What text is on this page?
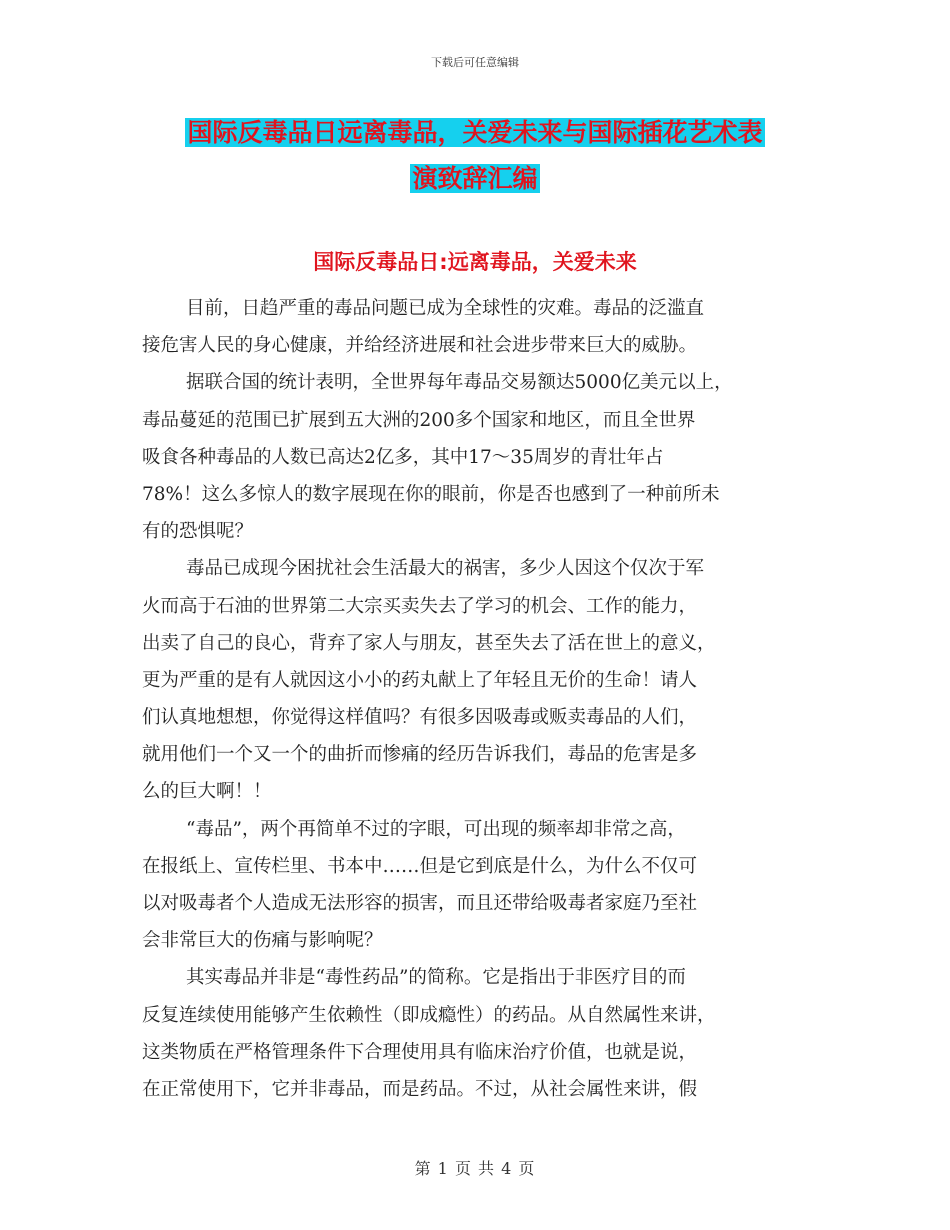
下载后可任意编辑
国际反毒品日远离毒品，关爱未来与国际插花艺术表
演致辞汇编
国际反毒品日:远离毒品，关爱未来
目前，日趋严重的毒品问题已成为全球性的灾难。毒品的泛滥直
接危害人民的身心健康，并给经济进展和社会进步带来巨大的威胁。
据联合国的统计表明，全世界每年毒品交易额达5000亿美元以上，
毒品蔓延的范围已扩展到五大洲的200多个国家和地区，而且全世界
吸食各种毒品的人数已高达2亿多，其中17～35周岁的青壮年占
78%！这么多惊人的数字展现在你的眼前，你是否也感到了一种前所未
有的恐惧呢？
毒品已成现今困扰社会生活最大的祸害，多少人因这个仅次于军
火而高于石油的世界第二大宗买卖失去了学习的机会、工作的能力，
出卖了自己的良心，背弃了家人与朋友，甚至失去了活在世上的意义，
更为严重的是有人就因这小小的药丸献上了年轻且无价的生命！请人
们认真地想想，你觉得这样值吗？有很多因吸毒或贩卖毒品的人们，
就用他们一个又一个的曲折而惨痛的经历告诉我们，毒品的危害是多
么的巨大啊！！
“毒品”，两个再简单不过的字眼，可出现的频率却非常之高，
在报纸上、宣传栏里、书本中……但是它到底是什么，为什么不仅可
以对吸毒者个人造成无法形容的损害，而且还带给吸毒者家庭乃至社
会非常巨大的伤痛与影响呢？
其实毒品并非是“毒性药品”的简称。它是指出于非医疗目的而
反复连续使用能够产生依赖性（即成瘾性）的药品。从自然属性来讲，
这类物质在严格管理条件下合理使用具有临床治疗价值，也就是说，
在正常使用下，它并非毒品，而是药品。不过，从社会属性来讲，假
第 1 页 共 4 页
